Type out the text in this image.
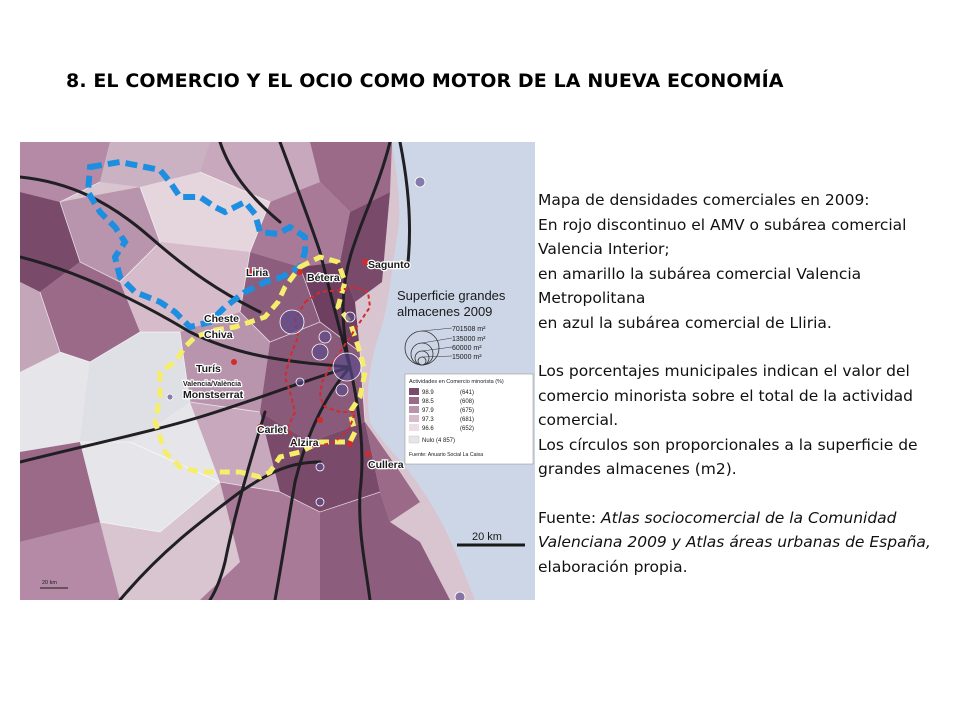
8. EL COMERCIO Y EL OCIO COMO MOTOR DE LA NUEVA ECONOMÍA
Liria	Bétera
Sagunto
Cheste
Chiva
Valencia/València
Turís
Monstserrat
Carlet
Alzira
Cullera
Superficie grandes
almacenes 2009
701508 m²
135000 m²
60000 m²
15000 m²
Actividades en Comercio minorista (%)
98.9	(641)
98.5	(608)
97.9	(675)
97.3	(681)
96.6	(652)
Nulo (4 857)
Fuente: Anuario Social La Caixa
20 km
20 km

Mapa de densidades comerciales en 2009:

En rojo discontinuo el AMV o subárea comercial Valencia Interior;

en amarillo la subárea comercial Valencia Metropolitana

en azul la subárea comercial de Lliria.

Los porcentajes municipales indican el valor del comercio minorista sobre el total de la actividad comercial.

Los círculos son proporcionales a la superficie de grandes almacenes (m2).

Fuente: Atlas sociocomercial de la Comunidad Valenciana 2009 y Atlas áreas urbanas de España, elaboración propia.
